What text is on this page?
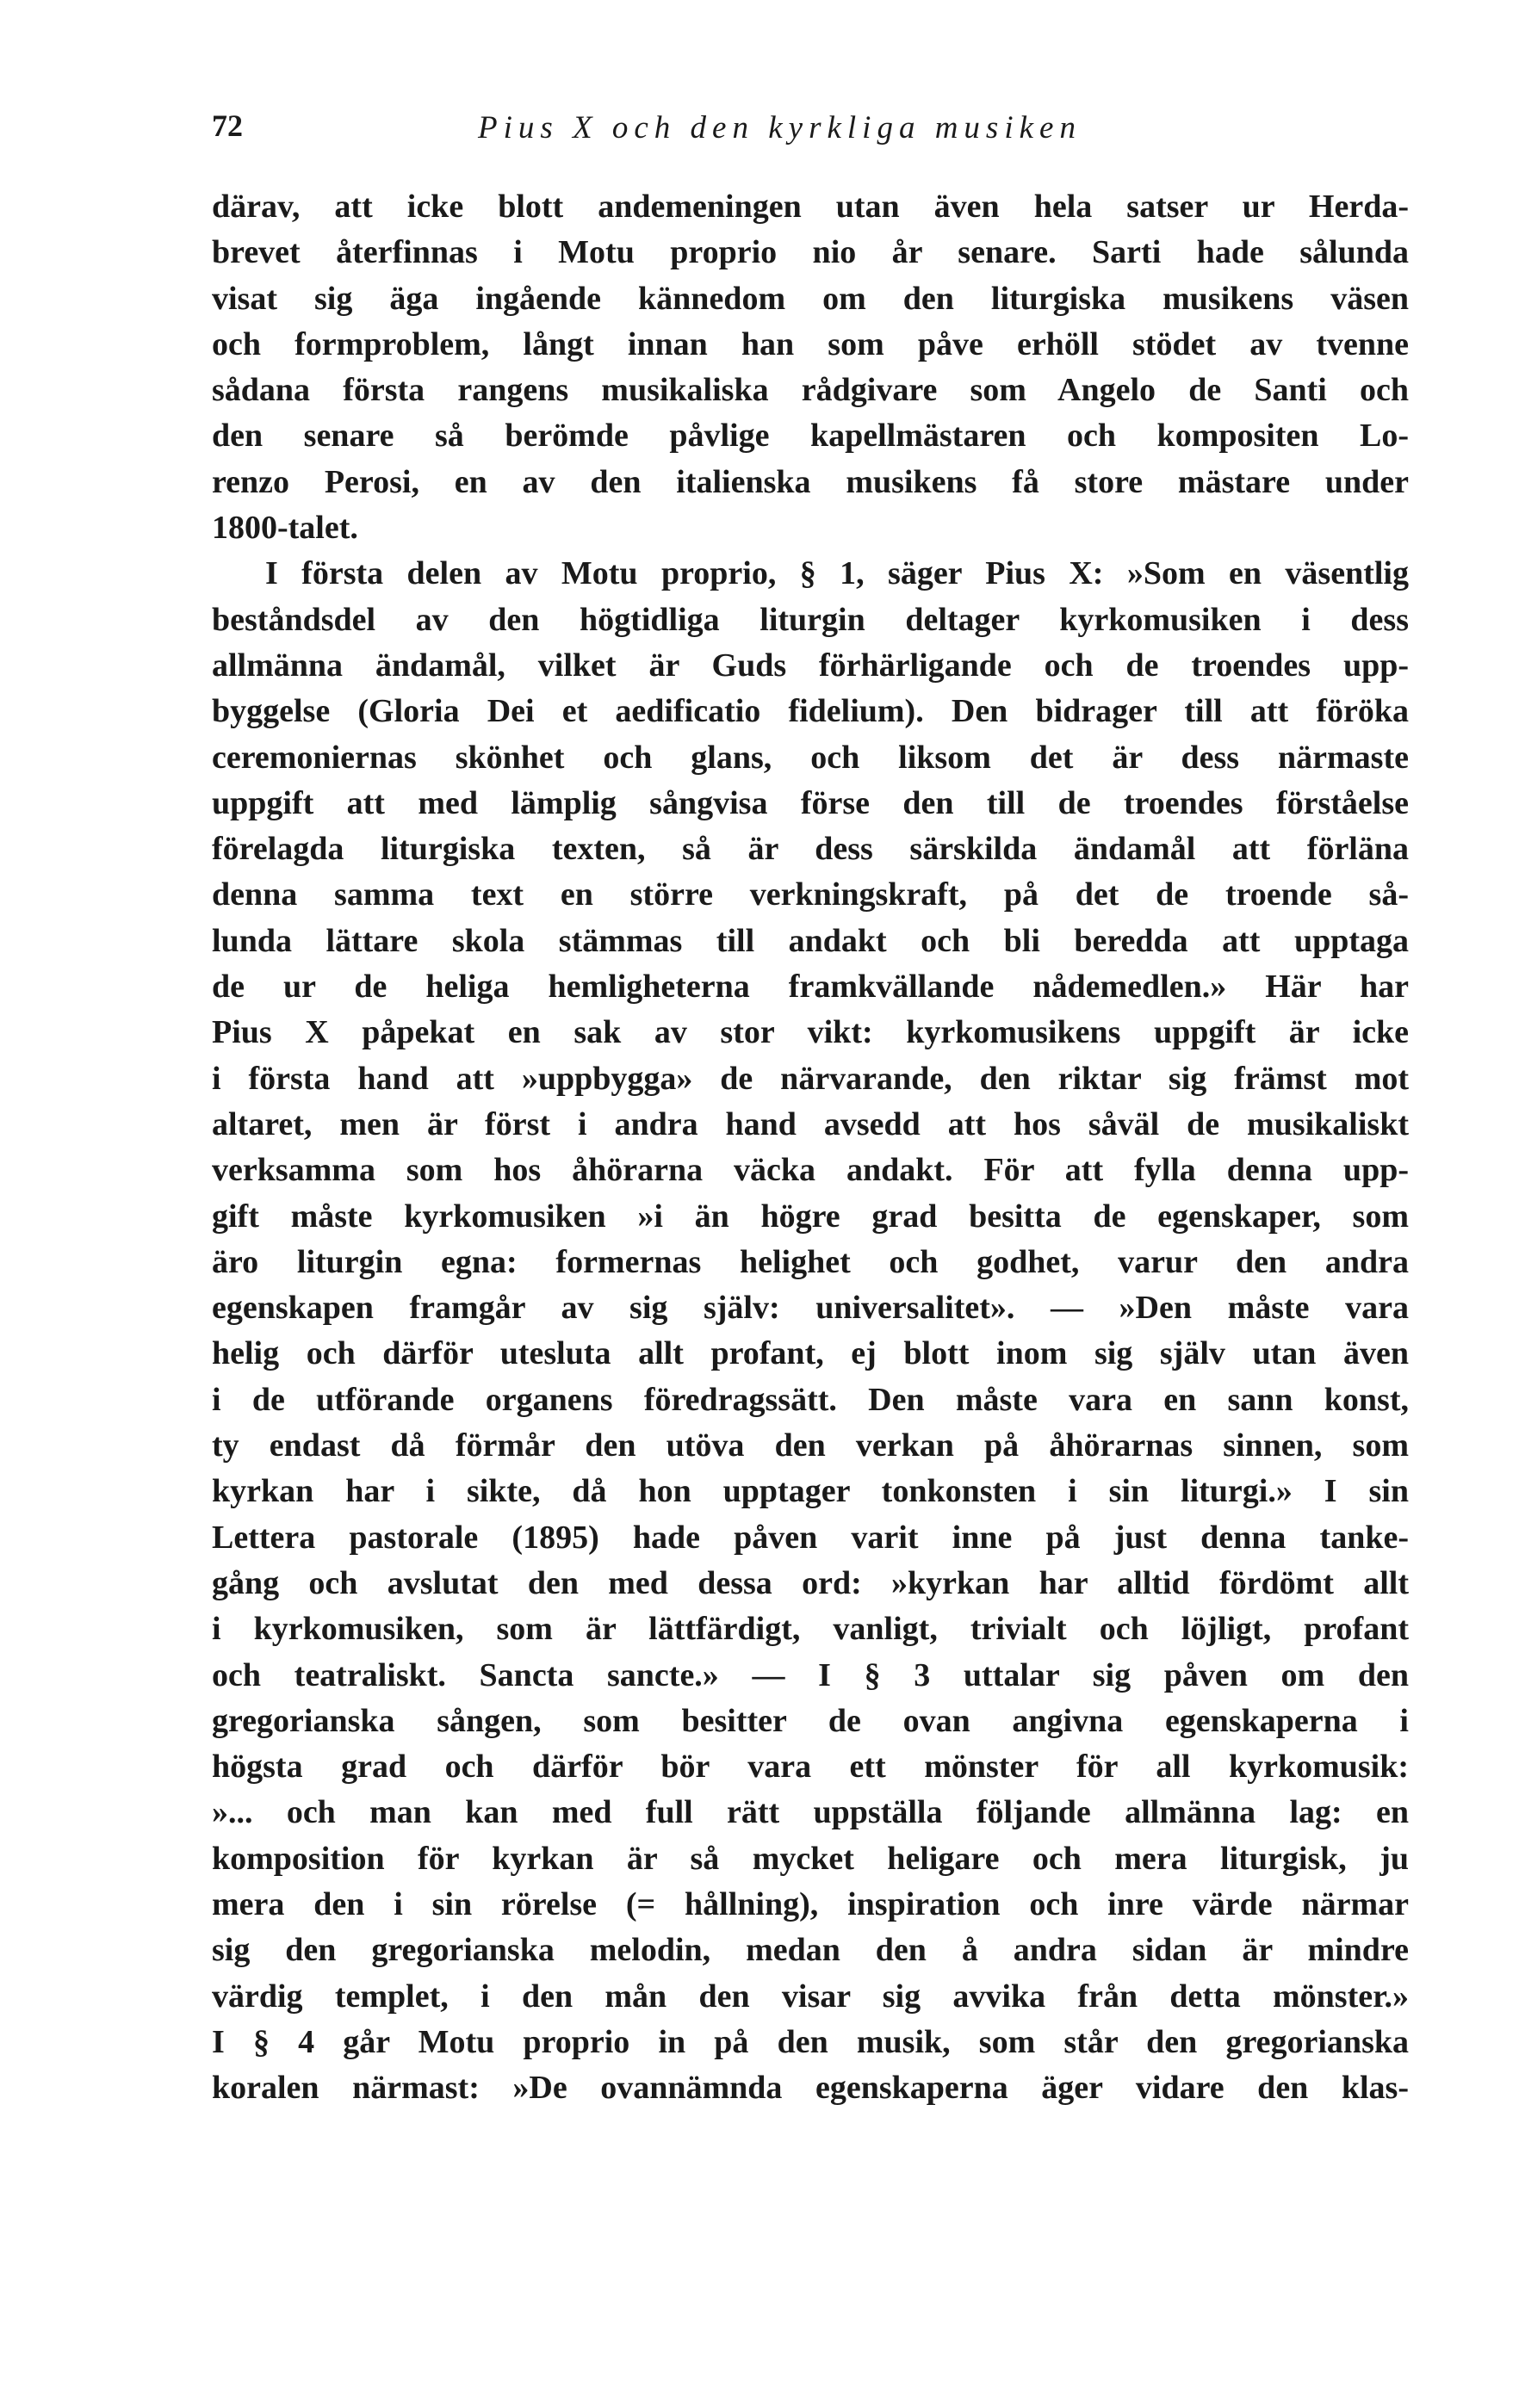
72	Pius X och den kyrkliga musiken

därav, att icke blott andemeningen utan även hela satser ur Herda-
brevet återfinnas i Motu proprio nio år senare. Sarti hade sålunda
visat sig äga ingående kännedom om den liturgiska musikens väsen
och formproblem, långt innan han som påve erhöll stödet av tvenne
sådana första rangens musikaliska rådgivare som Angelo de Santi och
den senare så berömde påvlige kapellmästaren och kompositen Lo-
renzo Perosi, en av den italienska musikens få store mästare under
1800-talet.
I första delen av Motu proprio, § 1, säger Pius X: »Som en väsentlig
beståndsdel av den högtidliga liturgin deltager kyrkomusiken i dess
allmänna ändamål, vilket är Guds förhärligande och de troendes upp-
byggelse (Gloria Dei et aedificatio fidelium). Den bidrager till att föröka
ceremoniernas skönhet och glans, och liksom det är dess närmaste
uppgift att med lämplig sångvisa förse den till de troendes förståelse
förelagda liturgiska texten, så är dess särskilda ändamål att förläna
denna samma text en större verkningskraft, på det de troende så-
lunda lättare skola stämmas till andakt och bli beredda att upptaga
de ur de heliga hemligheterna framkvällande nådemedlen.» Här har
Pius X påpekat en sak av stor vikt: kyrkomusikens uppgift är icke
i första hand att »uppbygga» de närvarande, den riktar sig främst mot
altaret, men är först i andra hand avsedd att hos såväl de musikaliskt
verksamma som hos åhörarna väcka andakt. För att fylla denna upp-
gift måste kyrkomusiken »i än högre grad besitta de egenskaper, som
äro liturgin egna: formernas helighet och godhet, varur den andra
egenskapen framgår av sig själv: universalitet». — »Den måste vara
helig och därför utesluta allt profant, ej blott inom sig själv utan även
i de utförande organens föredragssätt. Den måste vara en sann konst,
ty endast då förmår den utöva den verkan på åhörarnas sinnen, som
kyrkan har i sikte, då hon upptager tonkonsten i sin liturgi.» I sin
Lettera pastorale (1895) hade påven varit inne på just denna tanke-
gång och avslutat den med dessa ord: »kyrkan har alltid fördömt allt
i kyrkomusiken, som är lättfärdigt, vanligt, trivialt och löjligt, profant
och teatraliskt. Sancta sancte.» — I § 3 uttalar sig påven om den
gregorianska sången, som besitter de ovan angivna egenskaperna i
högsta grad och därför bör vara ett mönster för all kyrkomusik:
»... och man kan med full rätt uppställa följande allmänna lag: en
komposition för kyrkan är så mycket heligare och mera liturgisk, ju
mera den i sin rörelse (= hållning), inspiration och inre värde närmar
sig den gregorianska melodin, medan den å andra sidan är mindre
värdig templet, i den mån den visar sig avvika från detta mönster.»
I § 4 går Motu proprio in på den musik, som står den gregorianska
koralen närmast: »De ovannämnda egenskaperna äger vidare den klas-
